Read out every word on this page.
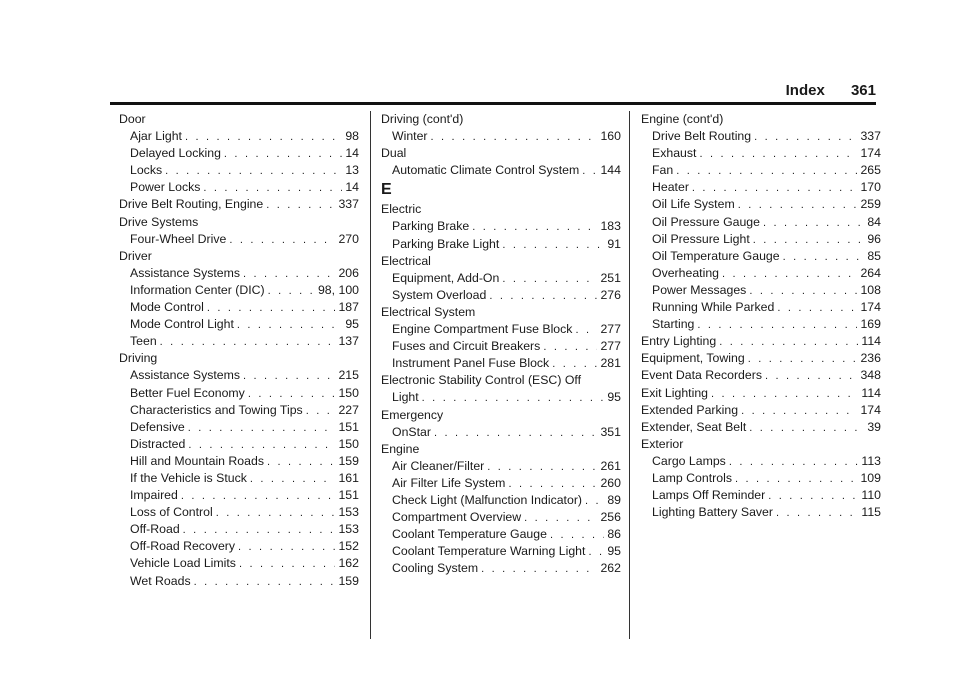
Index 361
Door
Ajar Light . . .	98
Delayed Locking . . .	14
Locks . . .	13
Power Locks . . .	14
Drive Belt Routing, Engine . . .	337
Drive Systems
Four-Wheel Drive . . .	270
Driver
Assistance Systems . . .	206
Information Center (DIC) . . .	98, 100
Mode Control . . .	187
Mode Control Light . . .	95
Teen . . .	137
Driving
Assistance Systems . . .	215
Better Fuel Economy . . .	150
Characteristics and Towing Tips . . .	227
Defensive . . .	151
Distracted . . .	150
Hill and Mountain Roads . . .	159
If the Vehicle is Stuck . . .	161
Impaired . . .	151
Loss of Control . . .	153
Off-Road . . .	153
Off-Road Recovery . . .	152
Vehicle Load Limits . . .	162
Wet Roads . . .	159
Driving (cont'd)
Winter . . .	160
Dual
Automatic Climate Control System . . . 144
E
Electric
Parking Brake . . .	183
Parking Brake Light . . .	91
Electrical
Equipment, Add-On . . .	251
System Overload . . .	276
Electrical System
Engine Compartment Fuse Block . . . 277
Fuses and Circuit Breakers . . .	277
Instrument Panel Fuse Block . . .	281
Electronic Stability Control (ESC) Off
Light . . .	95
Emergency
OnStar . . .	351
Engine
Air Cleaner/Filter . . .	261
Air Filter Life System . . .	260
Check Light (Malfunction Indicator) . . . 89
Compartment Overview . . .	256
Coolant Temperature Gauge . . .	86
Coolant Temperature Warning Light . . . 95
Cooling System . . .	262
Engine (cont'd)
Drive Belt Routing . . .	337
Exhaust . . .	174
Fan . . .	265
Heater . . .	170
Oil Life System . . .	259
Oil Pressure Gauge . . .	84
Oil Pressure Light . . .	96
Oil Temperature Gauge . . .	85
Overheating . . .	264
Power Messages . . .	108
Running While Parked . . .	174
Starting . . .	169
Entry Lighting . . .	114
Equipment, Towing . . .	236
Event Data Recorders . . .	348
Exit Lighting . . .	114
Extended Parking . . .	174
Extender, Seat Belt . . .	39
Exterior
Cargo Lamps . . .	113
Lamp Controls . . .	109
Lamps Off Reminder . . .	110
Lighting Battery Saver . . .	115
